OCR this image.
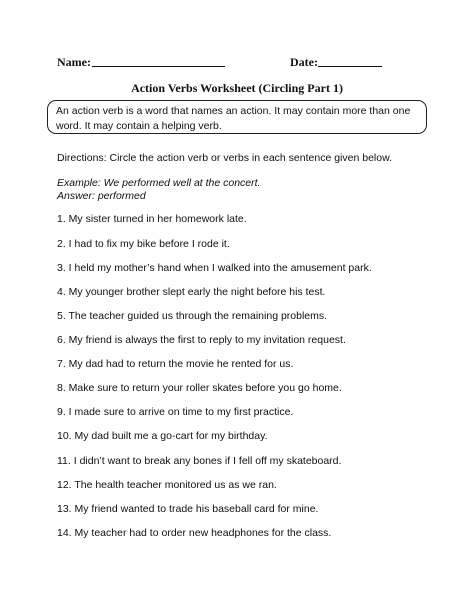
Name:	Date:
Action Verbs Worksheet (Circling Part 1)
An action verb is a word that names an action. It may contain more than one word. It may contain a helping verb.
Directions: Circle the action verb or verbs in each sentence given below.
Example: We performed well at the concert.
Answer: performed
1. My sister turned in her homework late.
2. I had to fix my bike before I rode it.
3. I held my mother’s hand when I walked into the amusement park.
4. My younger brother slept early the night before his test.
5. The teacher guided us through the remaining problems.
6. My friend is always the first to reply to my invitation request.
7. My dad had to return the movie he rented for us.
8. Make sure to return your roller skates before you go home.
9. I made sure to arrive on time to my first practice.
10. My dad built me a go-cart for my birthday.
11. I didn’t want to break any bones if I fell off my skateboard.
12. The health teacher monitored us as we ran.
13. My friend wanted to trade his baseball card for mine.
14. My teacher had to order new headphones for the class.
